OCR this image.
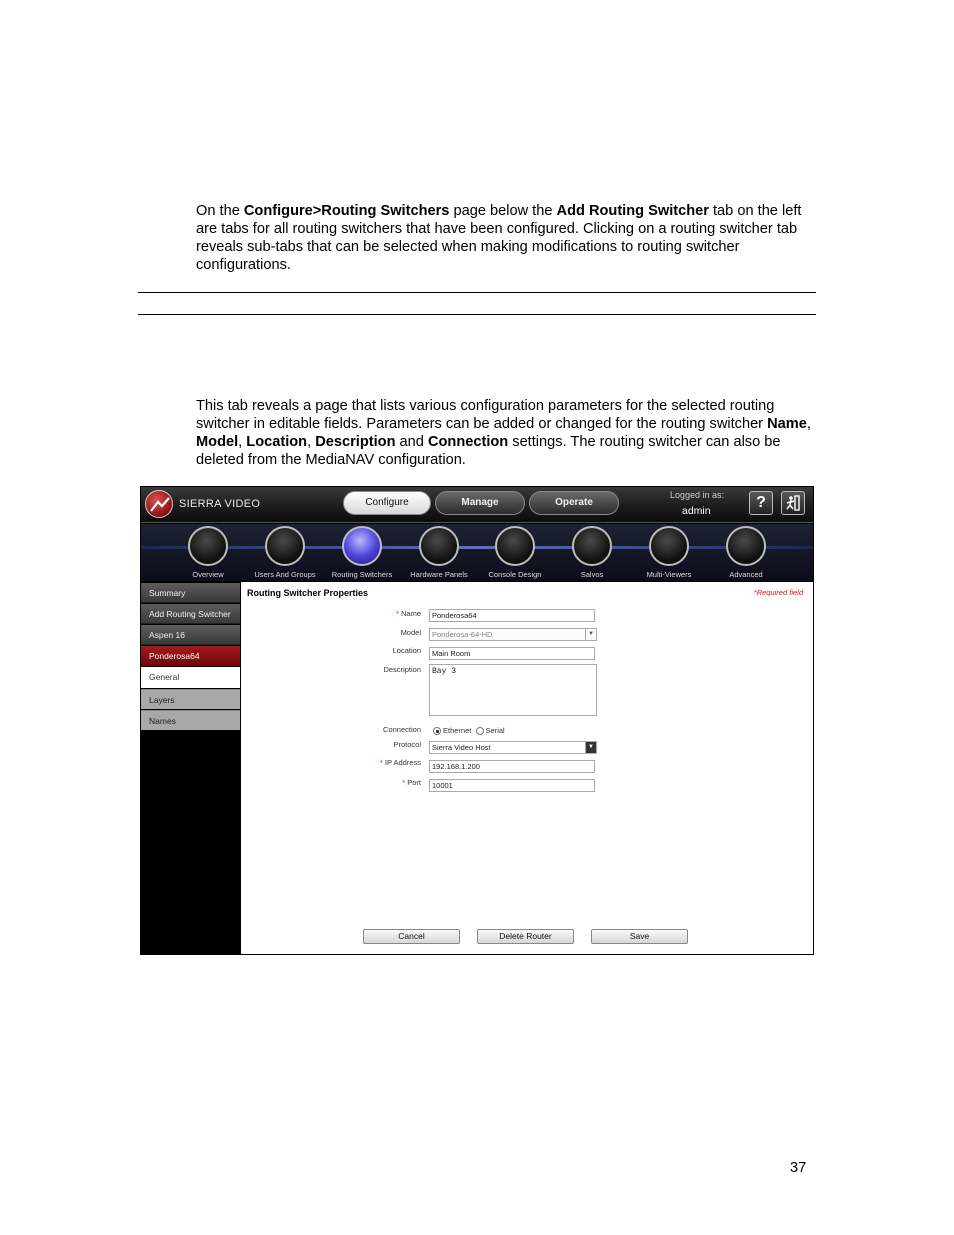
On the Configure>Routing Switchers page below the Add Routing Switcher tab on the left are tabs for all routing switchers that have been configured. Clicking on a routing switcher tab reveals sub-tabs that can be selected when making modifications to routing switcher configurations.
This tab reveals a page that lists various configuration parameters for the selected routing switcher in editable fields. Parameters can be added or changed for the routing switcher Name, Model, Location, Description and Connection settings. The routing switcher can also be deleted from the MediaNAV configuration.
SIERRA VIDEO	Configure	Manage	Operate
Logged in as:
admin	?
Overview	Users And Groups	Routing Switchers	Hardware Panels	Console Design	Salvos	Multi-Viewers	Advanced
Summary
Add Routing Switcher
Aspen 16
Ponderosa64
General
Layers
Names
Routing Switcher Properties	*Required field
* Name	Ponderosa64
Model	Ponderosa-64-HD	▼
Location	Main Room
Description	Bay 3
Connection	Ethernet Serial
Protocol	Sierra Video Host	▼
* IP Address	192.168.1.200
* Port	10001
Cancel	Delete Router	Save
37
